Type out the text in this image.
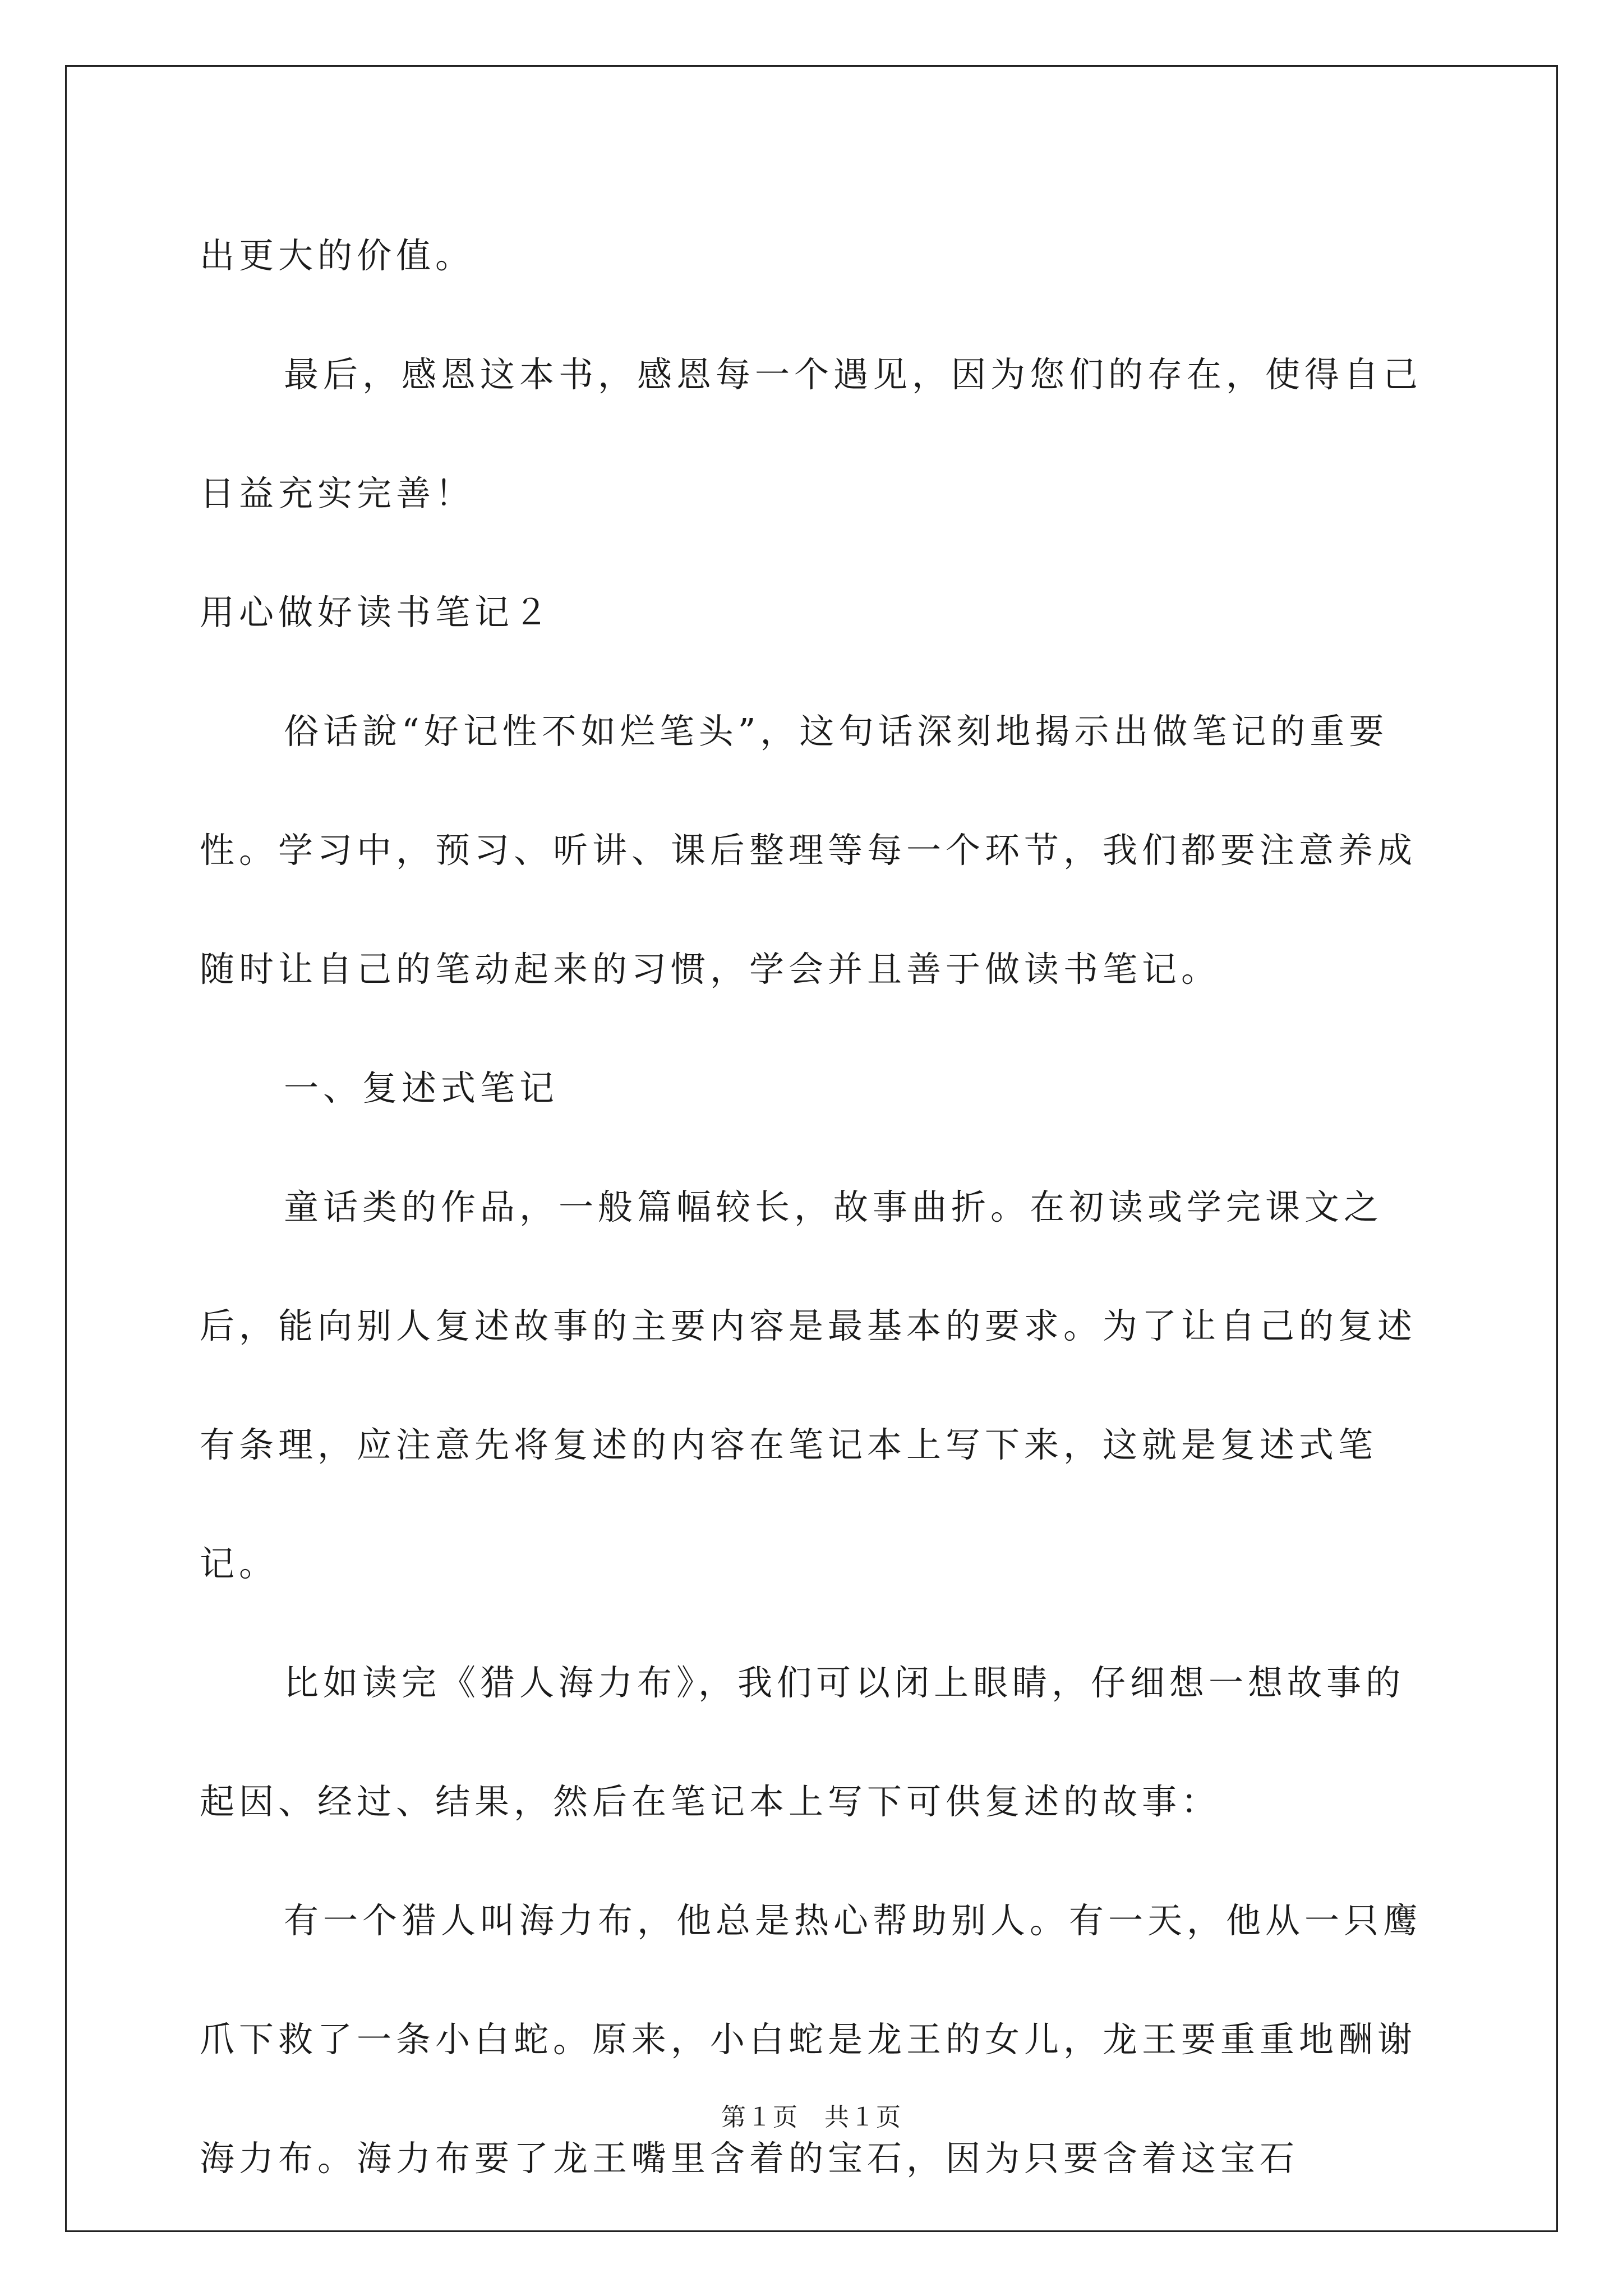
出更大的价值。

最后，感恩这本书，感恩每一个遇见，因为您们的存在，使得自己日益充实完善！

用心做好读书笔记２

俗话說“好记性不如烂笔头”，这句话深刻地揭示出做笔记的重要性。学习中，预习、听讲、课后整理等每一个环节，我们都要注意养成随时让自己的笔动起来的习惯，学会并且善于做读书笔记。

一、复述式笔记

童话类的作品，一般篇幅较长，故事曲折。在初读或学完课文之后，能向别人复述故事的主要内容是最基本的要求。为了让自己的复述有条理，应注意先将复述的内容在笔记本上写下来，这就是复述式笔记。

比如读完《猎人海力布》，我们可以闭上眼睛，仔细想一想故事的起因、经过、结果，然后在笔记本上写下可供复述的故事：

有一个猎人叫海力布，他总是热心帮助别人。有一天，他从一只鹰爪下救了一条小白蛇。原来，小白蛇是龙王的女儿，龙王要重重地酬谢海力布。海力布要了龙王嘴里含着的宝石，因为只要含着这宝石

第１页　共１页
